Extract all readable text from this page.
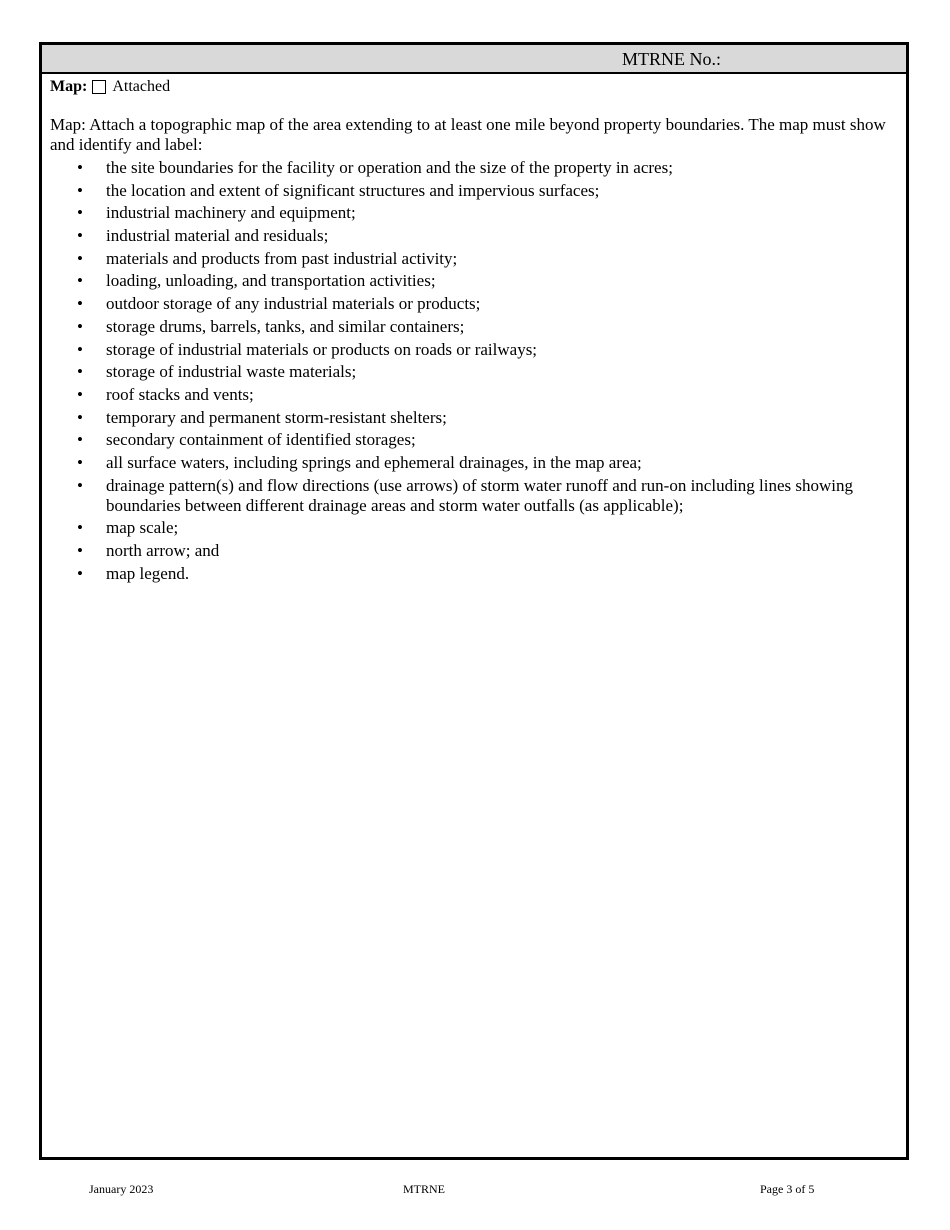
MTRNE No.:
Map: Attached

Map: Attach a topographic map of the area extending to at least one mile beyond property boundaries. The map must show and identify and label:

• the site boundaries for the facility or operation and the size of the property in acres;
• the location and extent of significant structures and impervious surfaces;
• industrial machinery and equipment;
• industrial material and residuals;
• materials and products from past industrial activity;
• loading, unloading, and transportation activities;
• outdoor storage of any industrial materials or products;
• storage drums, barrels, tanks, and similar containers;
• storage of industrial materials or products on roads or railways;
• storage of industrial waste materials;
• roof stacks and vents;
• temporary and permanent storm-resistant shelters;
• secondary containment of identified storages;
• all surface waters, including springs and ephemeral drainages, in the map area;
• drainage pattern(s) and flow directions (use arrows) of storm water runoff and run-on including lines showing boundaries between different drainage areas and storm water outfalls (as applicable);
• map scale;
• north arrow; and
• map legend.
January 2023	MTRNE	Page 3 of 5
